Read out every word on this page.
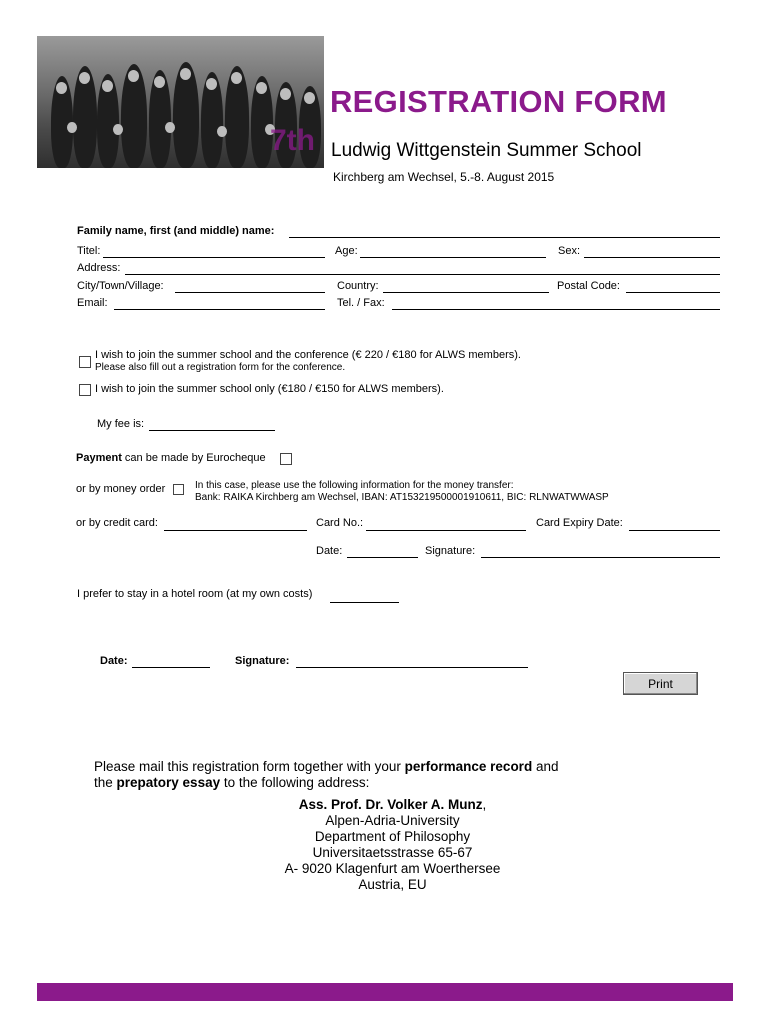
7th
REGISTRATION FORM
Ludwig Wittgenstein Summer School
Kirchberg am Wechsel, 5.-8. August 2015
Family name, first (and middle) name:
Titel:	Age:	Sex:
Address:
City/Town/Village:	Country:	Postal Code:
Email:	Tel. / Fax:
I wish to join the summer school and the conference (€ 220 / €180 for ALWS members).
Please also fill out a registration form for the conference.
I wish to join the summer school only (€180 / €150 for ALWS members).
My fee is:
Payment can be made by Eurocheque
or by money order	In this case, please use the following information for the money transfer:
Bank: RAIKA Kirchberg am Wechsel, IBAN: AT153219500001910611, BIC: RLNWATWWASP
or by credit card:	Card No.:	Card Expiry Date:
Date:	Signature:
I prefer to stay in a hotel room (at my own costs)
Date:	Signature:
Print
Please mail this registration form together with your performance record and
the prepatory essay to the following address:
Ass. Prof. Dr. Volker A. Munz,
Alpen-Adria-University
Department of Philosophy
Universitaetsstrasse 65-67
A- 9020 Klagenfurt am Woerthersee
Austria, EU
